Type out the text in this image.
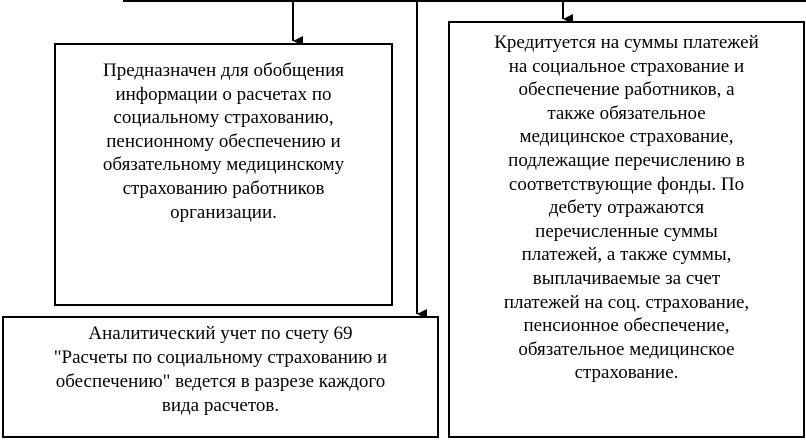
Предназначен для обобщения
информации о расчетах по
социальному страхованию,
пенсионному обеспечению и
обязательному медицинскому
страхованию работников
организации.

Кредитуется на суммы платежей
на социальное страхование и
обеспечение работников, а
также обязательное
медицинское страхование,
подлежащие перечислению в
соответствующие фонды. По
дебету отражаются
перечисленные суммы
платежей, а также суммы,
выплачиваемые за счет
платежей на соц. страхование,
пенсионное обеспечение,
обязательное медицинское
страхование.

Аналитический учет по счету 69
"Расчеты по социальному страхованию и
обеспечению" ведется в разрезе каждого
вида расчетов.
